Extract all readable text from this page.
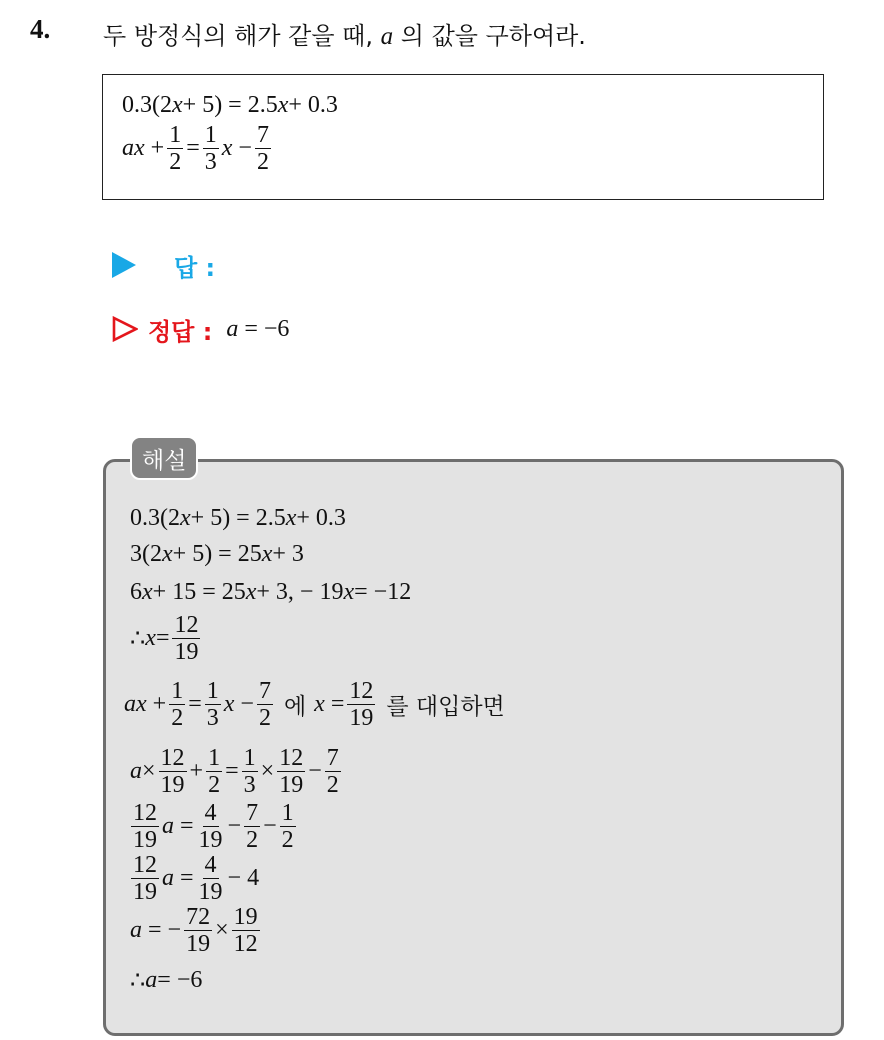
4. 두 방정식의 해가 같을 때, a 의 값을 구하여라.
0.3(2 x + 5) = 2.5 x + 0.3
a $x + \frac{1}{2} = \frac{1}{3}$ $x - \frac{7}{2}$
답 :
정답 : a = −6
해설
0.3(2 x + 5) = 2.5 x + 0.3
3(2 x + 5) = 25 x + 3
6 x + 15 = 25 x + 3, − 19 x = −12
∴ $x = \frac{12}{19}$
a $x + \frac{1}{2} = \frac{1}{3}$ $x - \frac{7}{2}$ 에 $x = \frac{12}{19}$ 를 대입하면
$a \times \frac{12}{19} + \frac{1}{2} = \frac{1}{3} \times \frac{12}{19} - \frac{7}{2}$
$\frac{12}{19}$ $a = \frac{4}{19} - \frac{7}{2} - \frac{1}{2}$
$\frac{12}{19}$ $a = \frac{4}{19} - 4$
a = − $\frac{72}{19} \times \frac{19}{12}$
∴ a = −6
